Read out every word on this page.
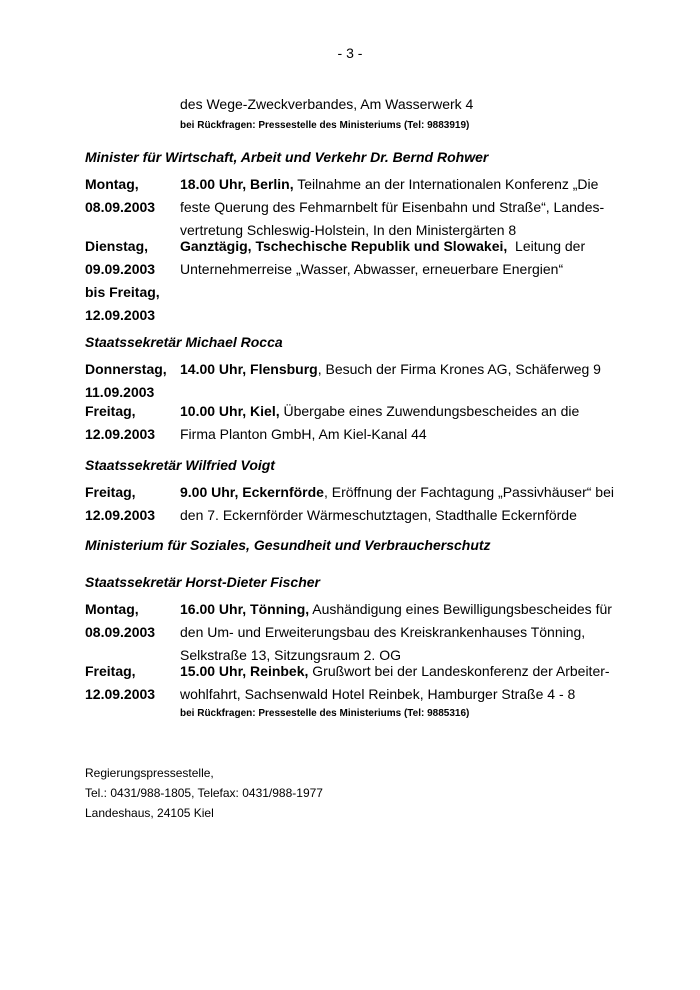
- 3 -
des Wege-Zweckverbandes, Am Wasserwerk 4
bei Rückfragen: Pressestelle des Ministeriums (Tel: 9883919)
Minister für Wirtschaft, Arbeit und Verkehr Dr. Bernd Rohwer
Montag,
08.09.2003
18.00 Uhr, Berlin, Teilnahme an der Internationalen Konferenz „Die
feste Querung des Fehmarnbelt für Eisenbahn und Straße“, Landes-
vertretung Schleswig-Holstein, In den Ministergärten 8
Dienstag,
09.09.2003
bis Freitag,
12.09.2003
Ganztägig, Tschechische Republik und Slowakei,  Leitung der
Unternehmerreise „Wasser, Abwasser, erneuerbare Energien“
Staatssekretär Michael Rocca
Donnerstag,
11.09.2003
14.00 Uhr, Flensburg, Besuch der Firma Krones AG, Schäferweg 9
Freitag,
12.09.2003
10.00 Uhr, Kiel, Übergabe eines Zuwendungsbescheides an die
Firma Planton GmbH, Am Kiel-Kanal 44
Staatssekretär Wilfried Voigt
Freitag,
12.09.2003
9.00 Uhr, Eckernförde, Eröffnung der Fachtagung „Passivhäuser“ bei
den 7. Eckernförder Wärmeschutztagen, Stadthalle Eckernförde
Ministerium für Soziales, Gesundheit und Verbraucherschutz
Staatssekretär Horst-Dieter Fischer
Montag,
08.09.2003
16.00 Uhr, Tönning, Aushändigung eines Bewilligungsbescheides für
den Um- und Erweiterungsbau des Kreiskrankenhauses Tönning,
Selkstraße 13, Sitzungsraum 2. OG
Freitag,
12.09.2003
15.00 Uhr, Reinbek, Grußwort bei der Landeskonferenz der Arbeiter-
wohlfahrt, Sachsenwald Hotel Reinbek, Hamburger Straße 4 - 8
bei Rückfragen: Pressestelle des Ministeriums (Tel: 9885316)
Regierungspressestelle,
Tel.: 0431/988-1805, Telefax: 0431/988-1977
Landeshaus, 24105 Kiel
